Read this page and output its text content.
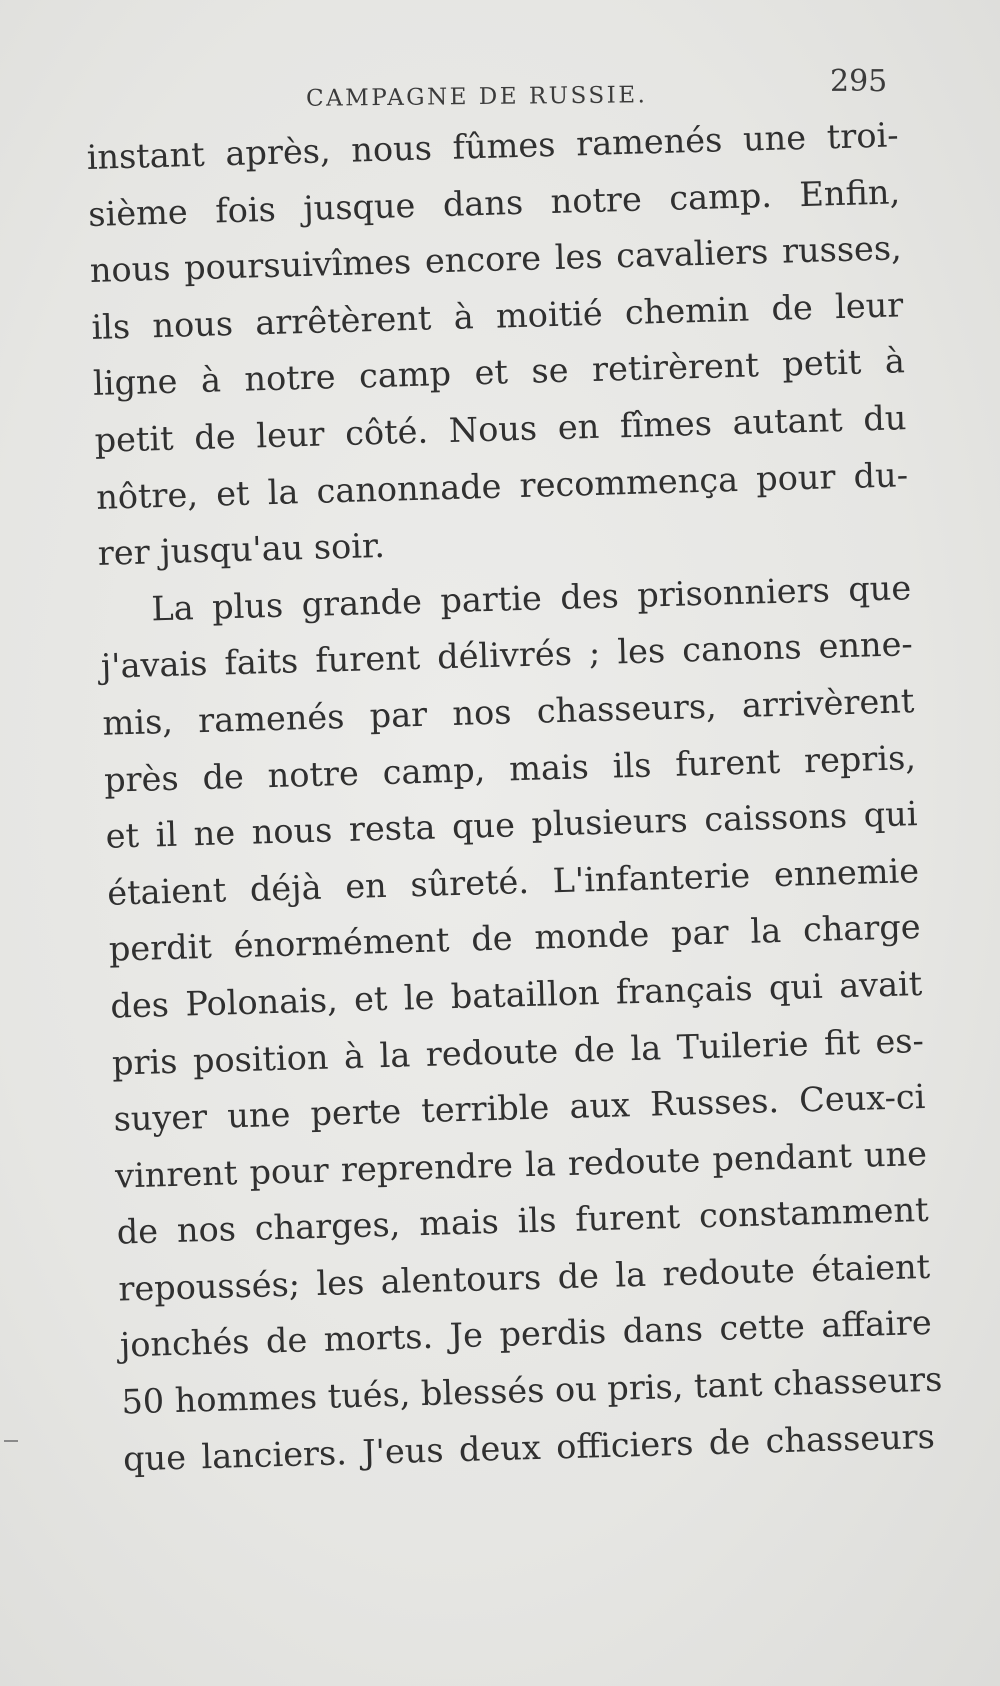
CAMPAGNE DE RUSSIE.	295
instant après, nous fûmes ramenés une troi-
sième fois jusque dans notre camp. Enfin,
nous poursuivîmes encore les cavaliers russes,
ils nous arrêtèrent à moitié chemin de leur
ligne à notre camp et se retirèrent petit à
petit de leur côté. Nous en fîmes autant du
nôtre, et la canonnade recommença pour du-
rer jusqu'au soir.
La plus grande partie des prisonniers que
j'avais faits furent délivrés ; les canons enne-
mis, ramenés par nos chasseurs, arrivèrent
près de notre camp, mais ils furent repris,
et il ne nous resta que plusieurs caissons qui
étaient déjà en sûreté. L'infanterie ennemie
perdit énormément de monde par la charge
des Polonais, et le bataillon français qui avait
pris position à la redoute de la Tuilerie fit es-
suyer une perte terrible aux Russes. Ceux-ci
vinrent pour reprendre la redoute pendant une
de nos charges, mais ils furent constamment
repoussés; les alentours de la redoute étaient
jonchés de morts. Je perdis dans cette affaire
50 hommes tués, blessés ou pris, tant chasseurs
que lanciers. J'eus deux officiers de chasseurs
